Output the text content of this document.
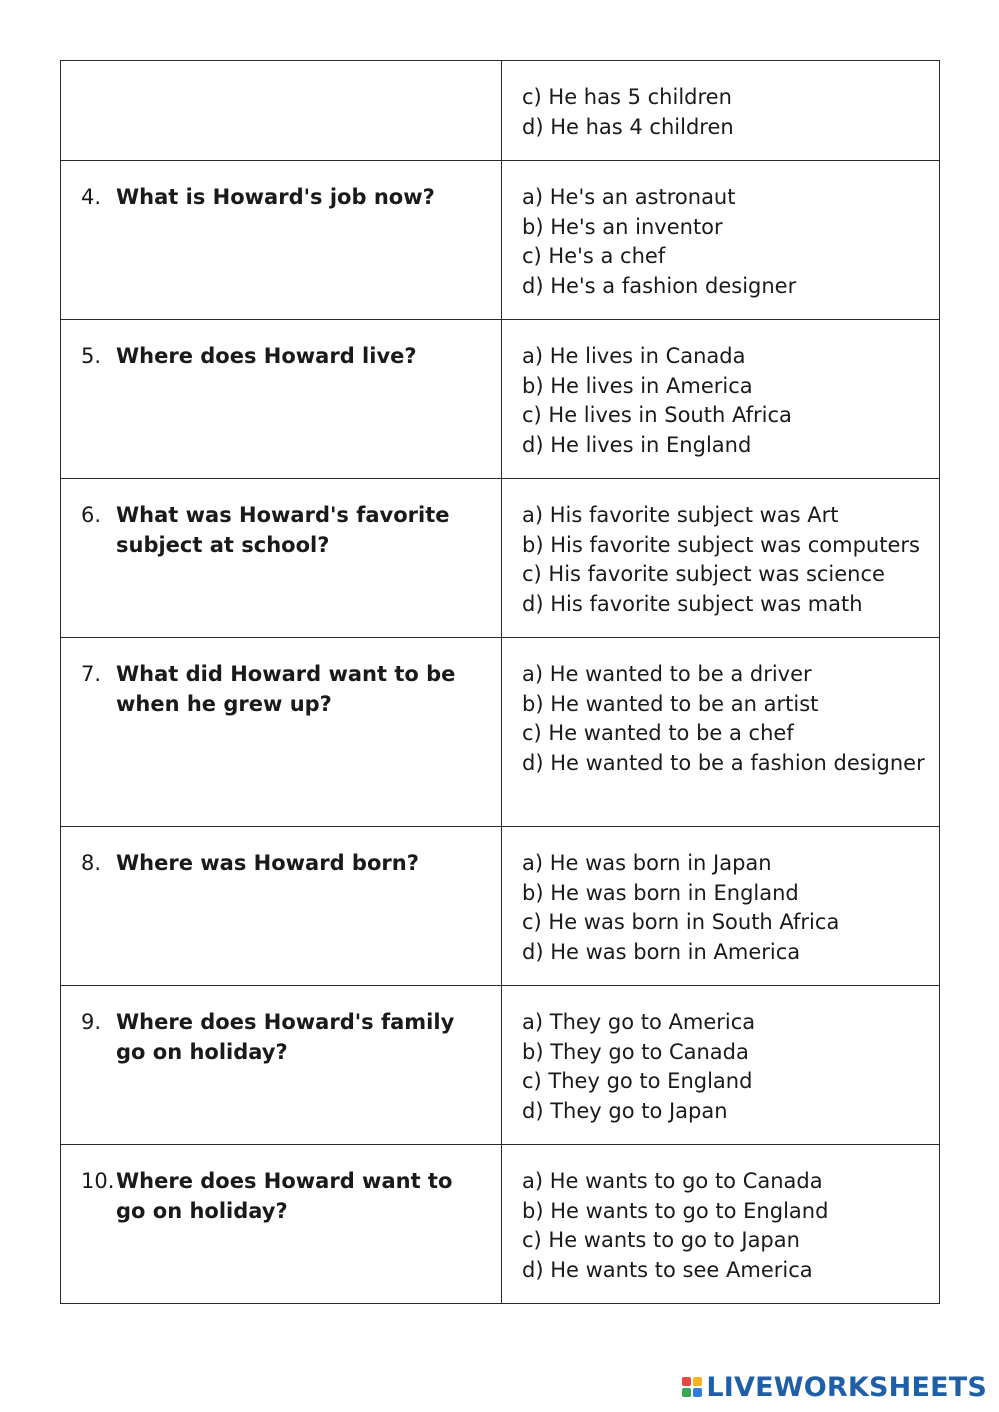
	c) He has 5 children
d) He has 4 children

4. What is Howard's job now?	a) He's an astronaut
b) He's an inventor
c) He's a chef
d) He's a fashion designer

5. Where does Howard live?	a) He lives in Canada
b) He lives in America
c) He lives in South Africa
d) He lives in England

6. What was Howard's favorite subject at school?	a) His favorite subject was Art
b) His favorite subject was computers
c) His favorite subject was science
d) His favorite subject was math

7. What did Howard want to be when he grew up?	a) He wanted to be a driver
b) He wanted to be an artist
c) He wanted to be a chef
d) He wanted to be a fashion designer

8. Where was Howard born?	a) He was born in Japan
b) He was born in England
c) He was born in South Africa
d) He was born in America

9. Where does Howard's family go on holiday?	a) They go to America
b) They go to Canada
c) They go to England
d) They go to Japan

10. Where does Howard want to go on holiday?	a) He wants to go to Canada
b) He wants to go to England
c) He wants to go to Japan
d) He wants to see America
LIVEWORKSHEETS
